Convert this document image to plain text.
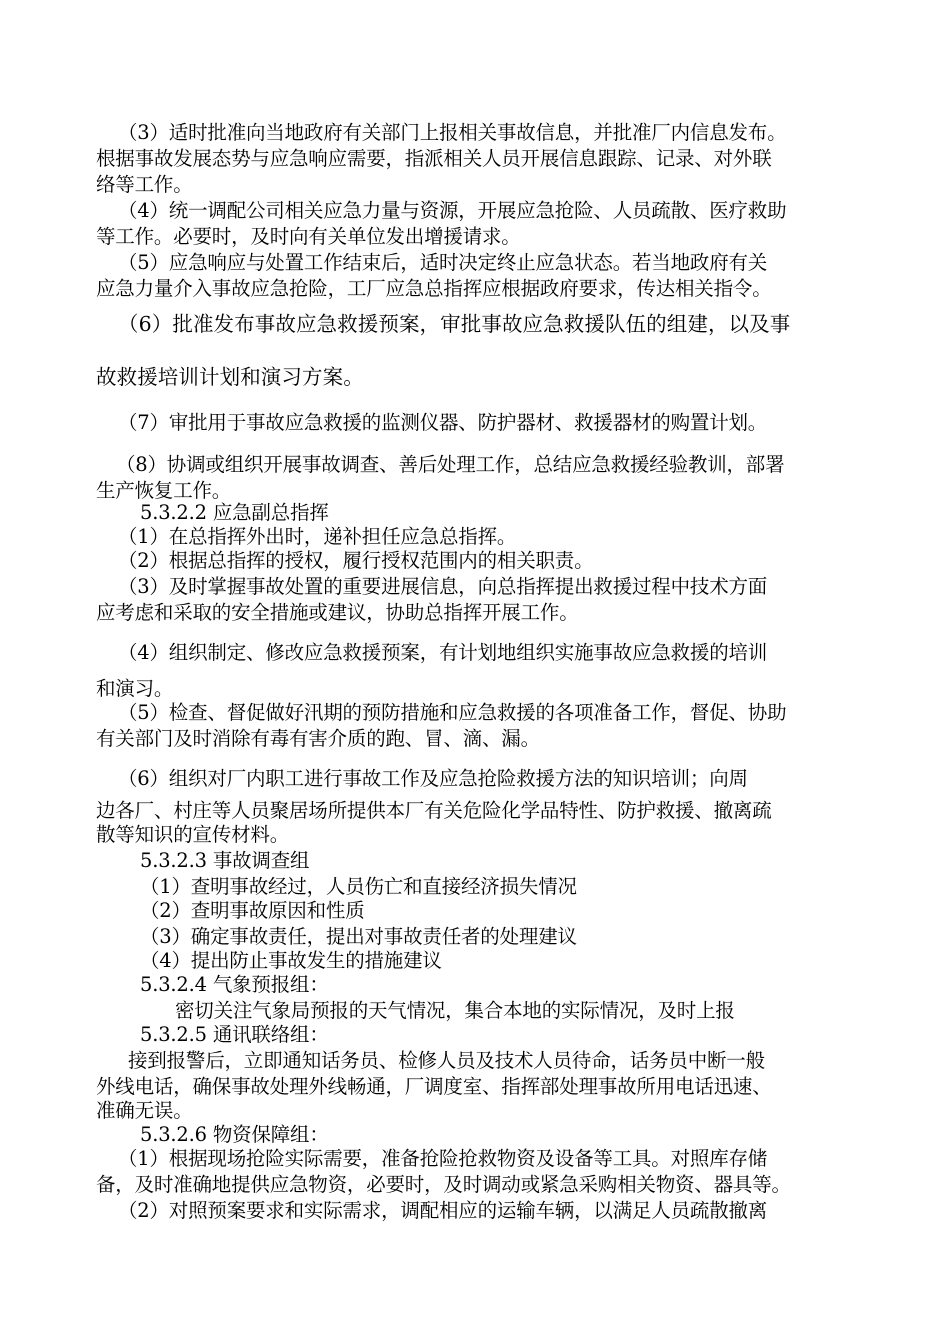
（3）适时批准向当地政府有关部门上报相关事故信息，并批准厂内信息发布。
根据事故发展态势与应急响应需要，指派相关人员开展信息跟踪、记录、对外联
络等工作。
（4）统一调配公司相关应急力量与资源，开展应急抢险、人员疏散、医疗救助
等工作。必要时，及时向有关单位发出增援请求。
（5）应急响应与处置工作结束后，适时决定终止应急状态。若当地政府有关
应急力量介入事故应急抢险，工厂应急总指挥应根据政府要求，传达相关指令。
（6）批准发布事故应急救援预案，审批事故应急救援队伍的组建，以及事
故救援培训计划和演习方案。
（7）审批用于事故应急救援的监测仪器、防护器材、救援器材的购置计划。
（8）协调或组织开展事故调查、善后处理工作，总结应急救援经验教训，部署
生产恢复工作。
5.3.2.2 应急副总指挥
（1）在总指挥外出时，递补担任应急总指挥。
（2）根据总指挥的授权，履行授权范围内的相关职责。
（3）及时掌握事故处置的重要进展信息，向总指挥提出救援过程中技术方面
应考虑和采取的安全措施或建议，协助总指挥开展工作。
（4）组织制定、修改应急救援预案，有计划地组织实施事故应急救援的培训
和演习。
（5）检查、督促做好汛期的预防措施和应急救援的各项准备工作，督促、协助
有关部门及时消除有毒有害介质的跑、冒、滴、漏。
（6）组织对厂内职工进行事故工作及应急抢险救援方法的知识培训；向周
边各厂、村庄等人员聚居场所提供本厂有关危险化学品特性、防护救援、撤离疏
散等知识的宣传材料。
5.3.2.3 事故调查组
（1）查明事故经过，人员伤亡和直接经济损失情况
（2）查明事故原因和性质
（3）确定事故责任，提出对事故责任者的处理建议
（4）提出防止事故发生的措施建议
5.3.2.4 气象预报组：
密切关注气象局预报的天气情况，集合本地的实际情况，及时上报
5.3.2.5 通讯联络组：
接到报警后，立即通知话务员、检修人员及技术人员待命，话务员中断一般
外线电话，确保事故处理外线畅通，厂调度室、指挥部处理事故所用电话迅速、
准确无误。
5.3.2.6 物资保障组：
（1）根据现场抢险实际需要，准备抢险抢救物资及设备等工具。对照库存储
备，及时准确地提供应急物资，必要时，及时调动或紧急采购相关物资、器具等。
（2）对照预案要求和实际需求，调配相应的运输车辆，以满足人员疏散撤离
